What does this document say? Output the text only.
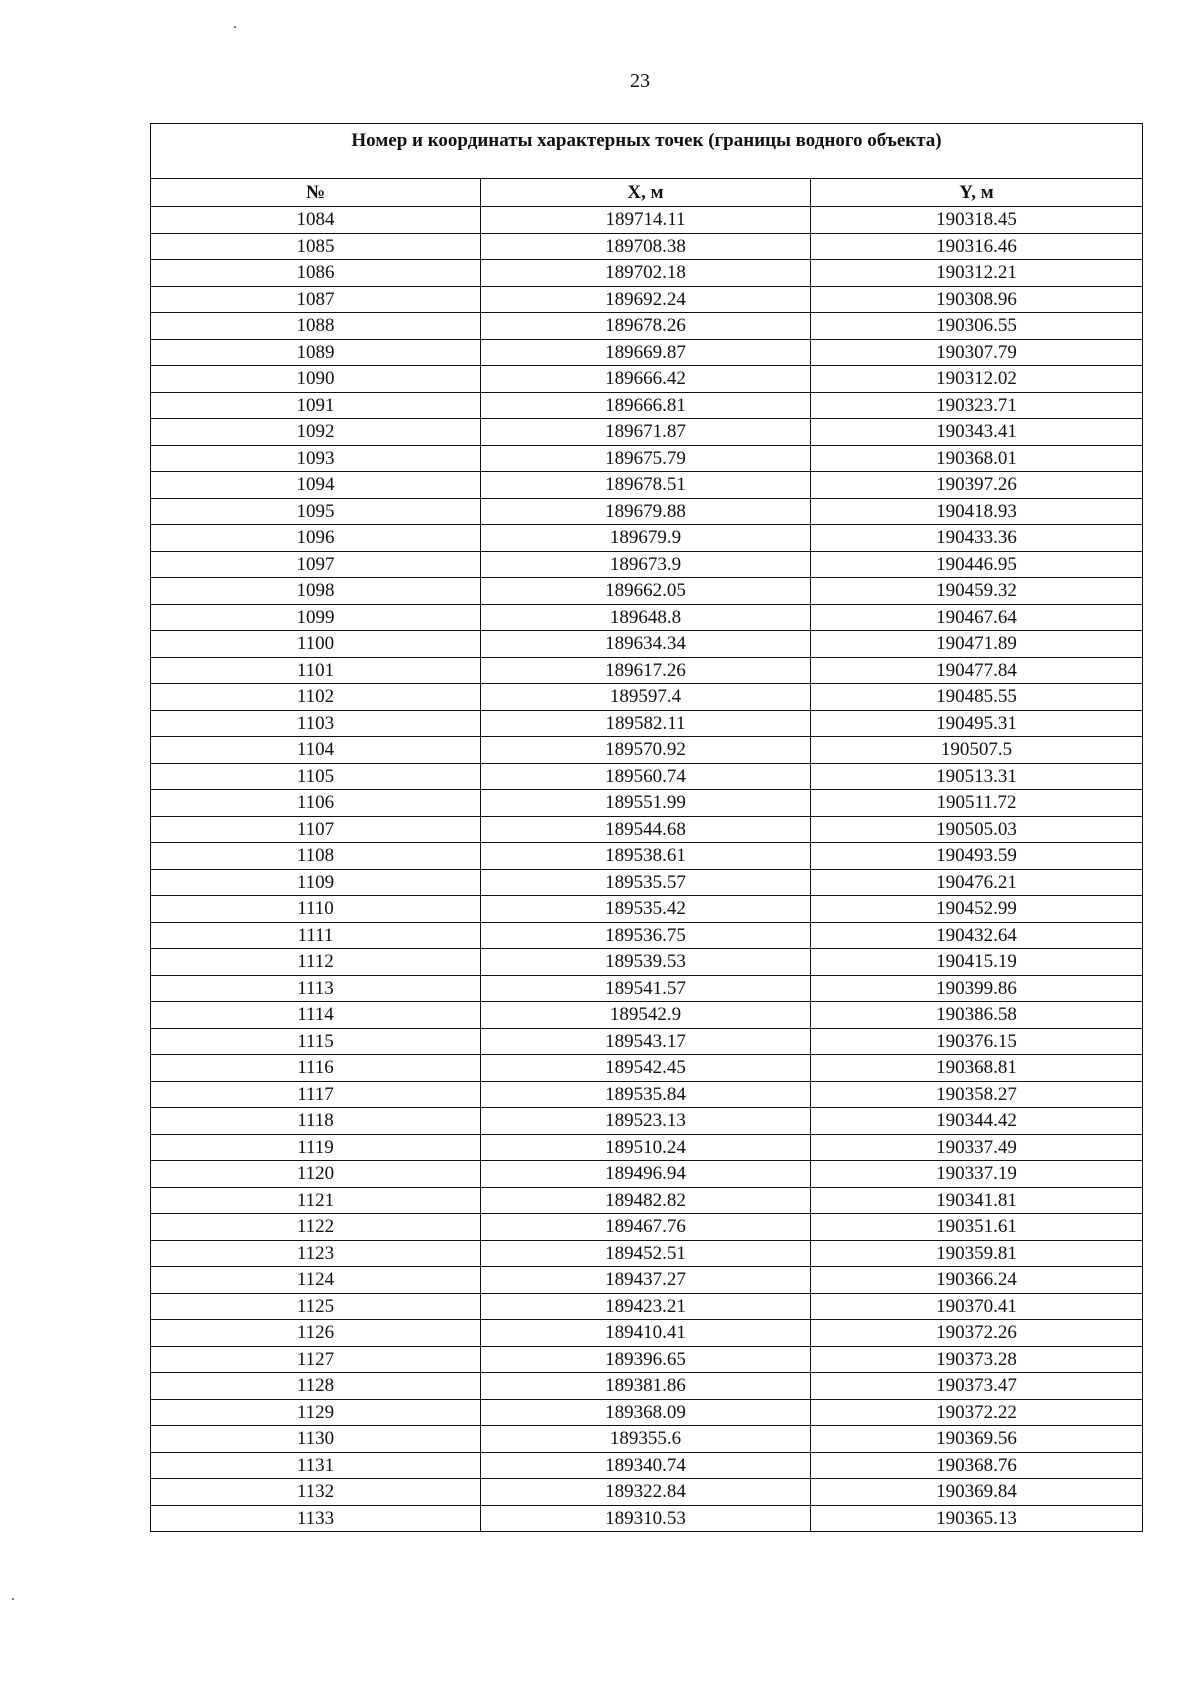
23
Номер и координаты характерных точек (границы водного объекта)		
№	X, м	Y, м
1084	189714.11	190318.45
1085	189708.38	190316.46
1086	189702.18	190312.21
1087	189692.24	190308.96
1088	189678.26	190306.55
1089	189669.87	190307.79
1090	189666.42	190312.02
1091	189666.81	190323.71
1092	189671.87	190343.41
1093	189675.79	190368.01
1094	189678.51	190397.26
1095	189679.88	190418.93
1096	189679.9	190433.36
1097	189673.9	190446.95
1098	189662.05	190459.32
1099	189648.8	190467.64
1100	189634.34	190471.89
1101	189617.26	190477.84
1102	189597.4	190485.55
1103	189582.11	190495.31
1104	189570.92	190507.5
1105	189560.74	190513.31
1106	189551.99	190511.72
1107	189544.68	190505.03
1108	189538.61	190493.59
1109	189535.57	190476.21
1110	189535.42	190452.99
1111	189536.75	190432.64
1112	189539.53	190415.19
1113	189541.57	190399.86
1114	189542.9	190386.58
1115	189543.17	190376.15
1116	189542.45	190368.81
1117	189535.84	190358.27
1118	189523.13	190344.42
1119	189510.24	190337.49
1120	189496.94	190337.19
1121	189482.82	190341.81
1122	189467.76	190351.61
1123	189452.51	190359.81
1124	189437.27	190366.24
1125	189423.21	190370.41
1126	189410.41	190372.26
1127	189396.65	190373.28
1128	189381.86	190373.47
1129	189368.09	190372.22
1130	189355.6	190369.56
1131	189340.74	190368.76
1132	189322.84	190369.84
1133	189310.53	190365.13
